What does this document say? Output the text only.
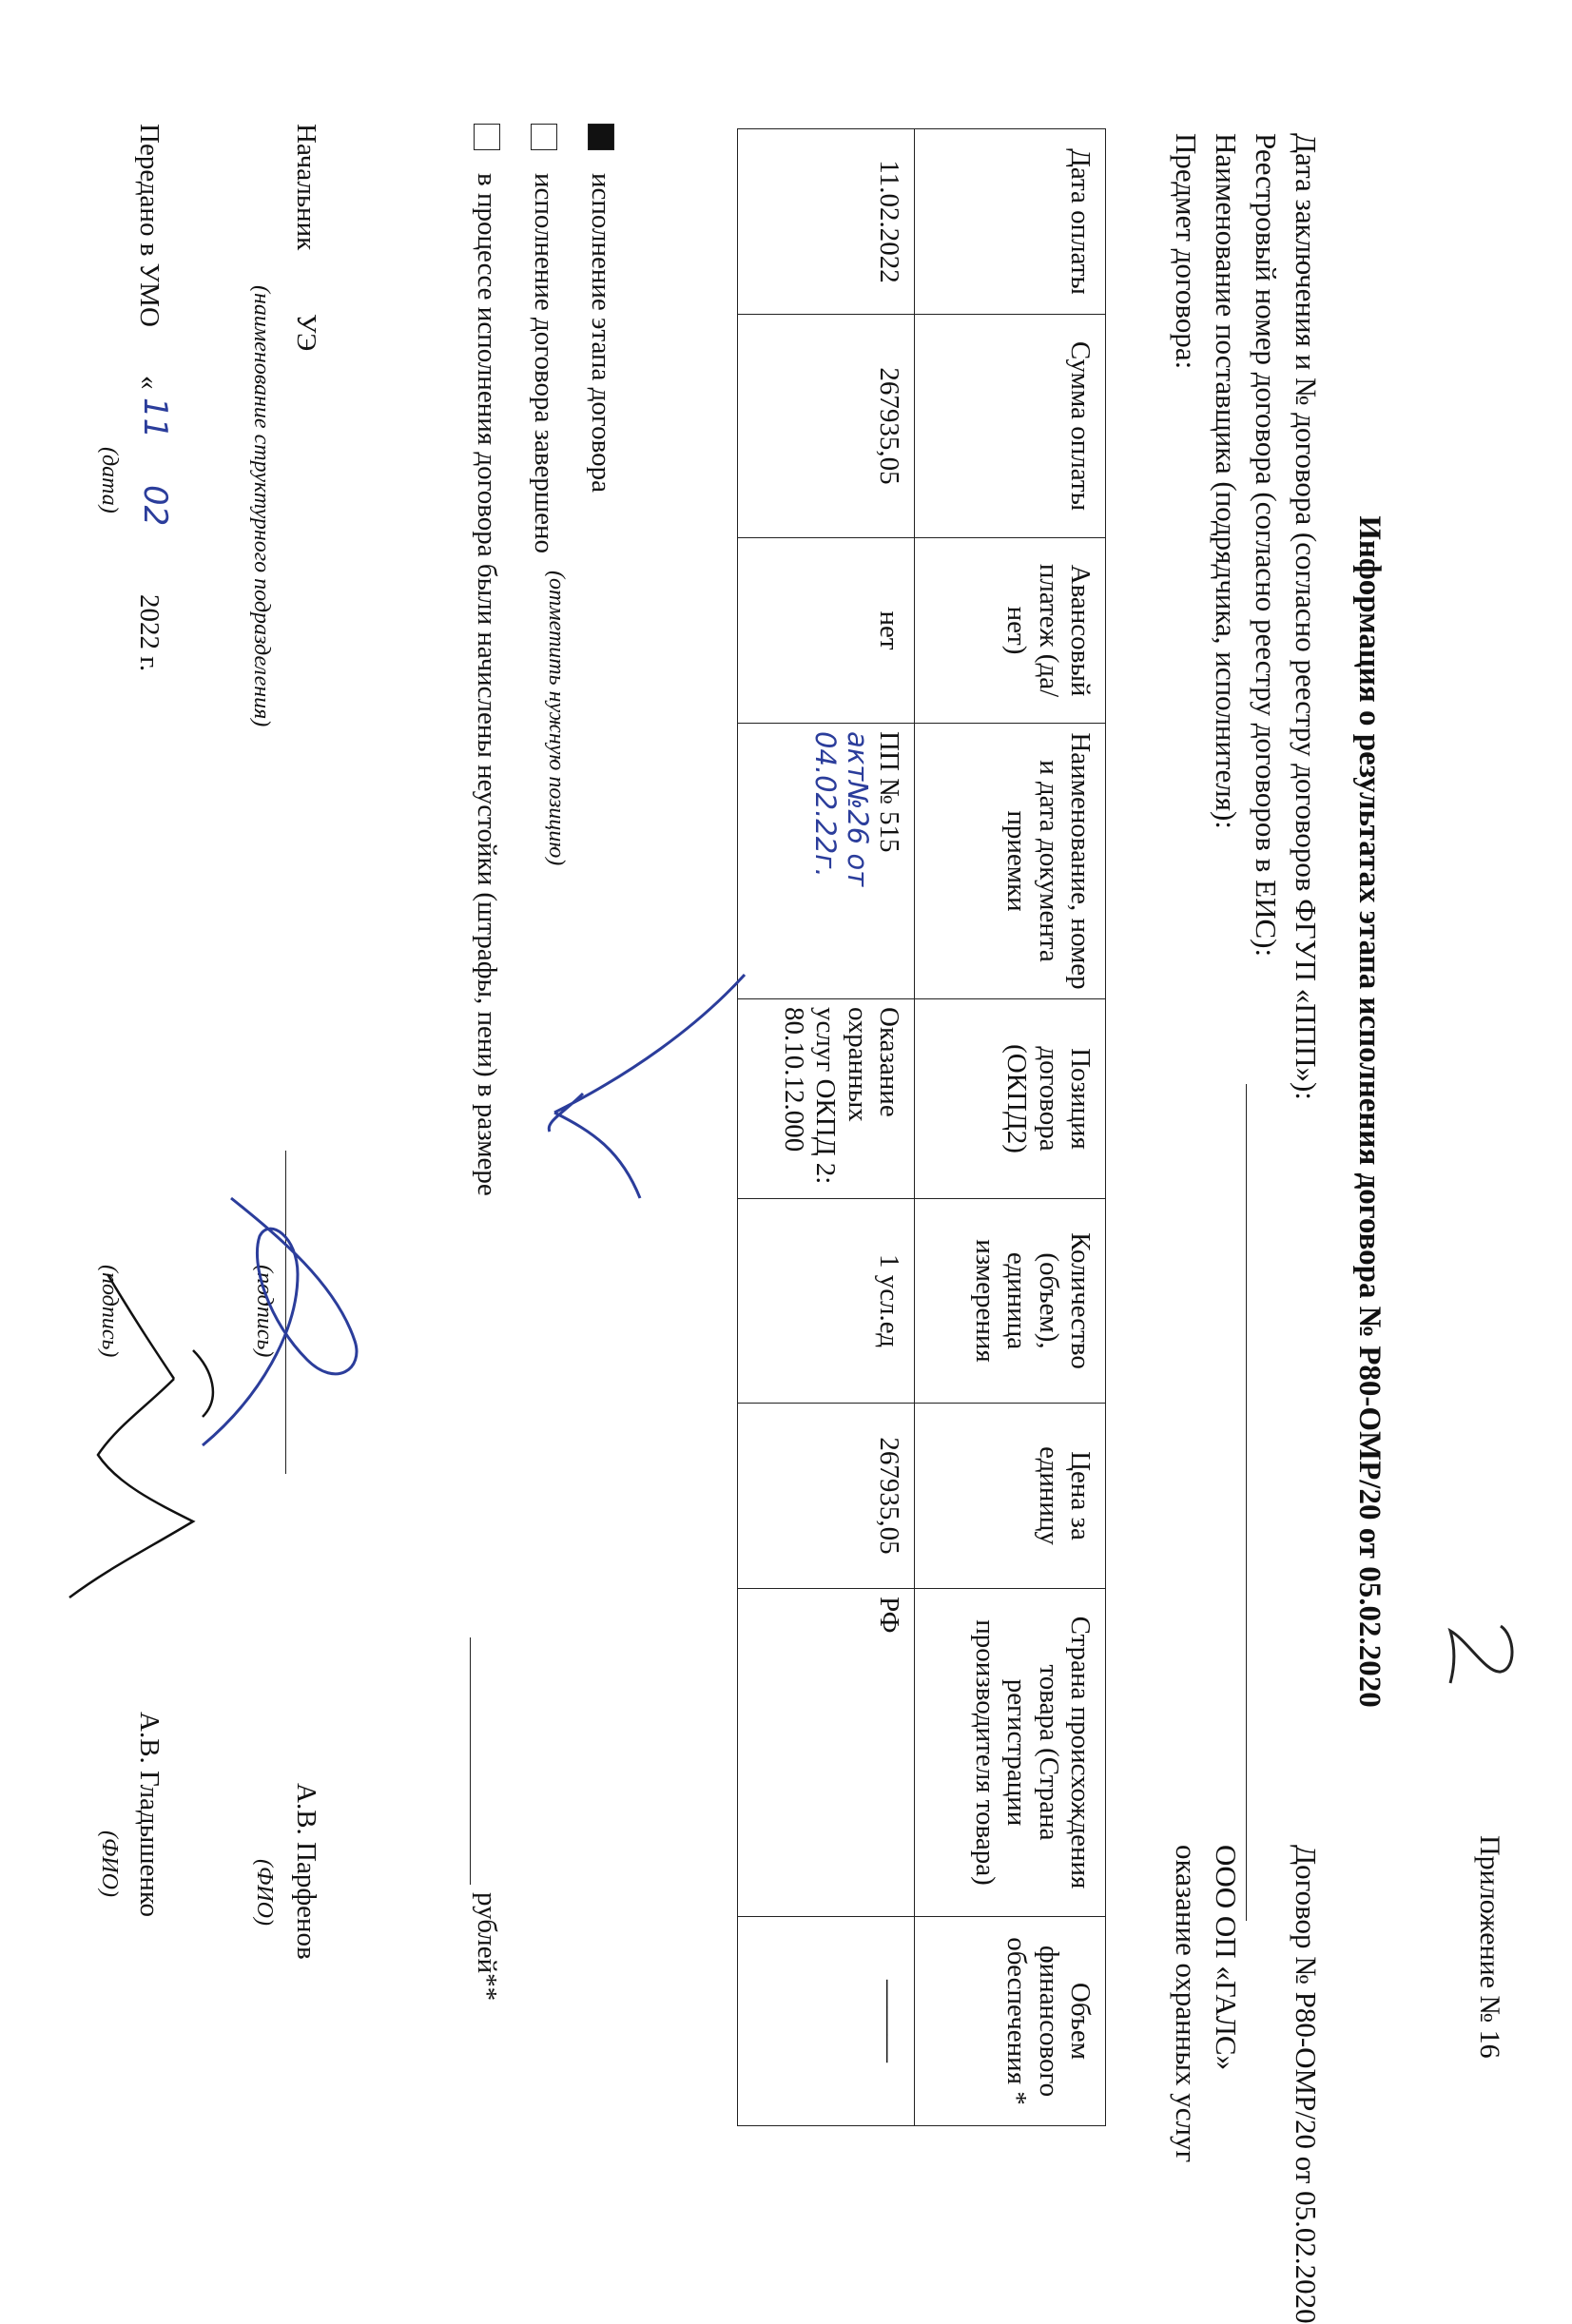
Приложение № 16
Информация о результатах этапа исполнения договора № Р80-ОМР/20 от 05.02.2020
Дата заключения и № договора (согласно реестру договоров ФГУП «ППП»):
Договор № Р80-ОМР/20 от 05.02.2020
Реестровый номер договора (согласно реестру договоров в ЕИС):
Наименование поставщика (подрядчика, исполнителя):
ООО ОП «ГАЛС»
Предмет договора:
оказание охранных услуг
Дата оплаты	Сумма оплаты	Авансовый платеж (да/нет)	Наименование, номер и дата документа приемки	Позиция договора (ОКПД2)	Количество (объем), единица измерения	Цена за единицу	Страна происхождения товара (Страна регистрации производителя товара)	Объем финансового обеспечения *
11.02.2022	267935,05	нет	ПП № 515
акт№26 от
04.02.22г.	Оказание охранных услуг ОКПД 2: 80.10.12.000	1 усл.ед	267935,05	РФ	———
исполнение этапа договора
(отметить нужную позицию)
исполнение договора завершено
в процессе исполнения договора были начислены неустойки (штрафы, пени) в размере
рублей**
Начальник
УЭ
(наименование структурного подразделения)
(подпись)
А.В. Парфенов
(ФИО)
Передано в УМО
«
11
02
2022 г.
(дата)
(подпись)
А.В. Гладышенко
(ФИО)
